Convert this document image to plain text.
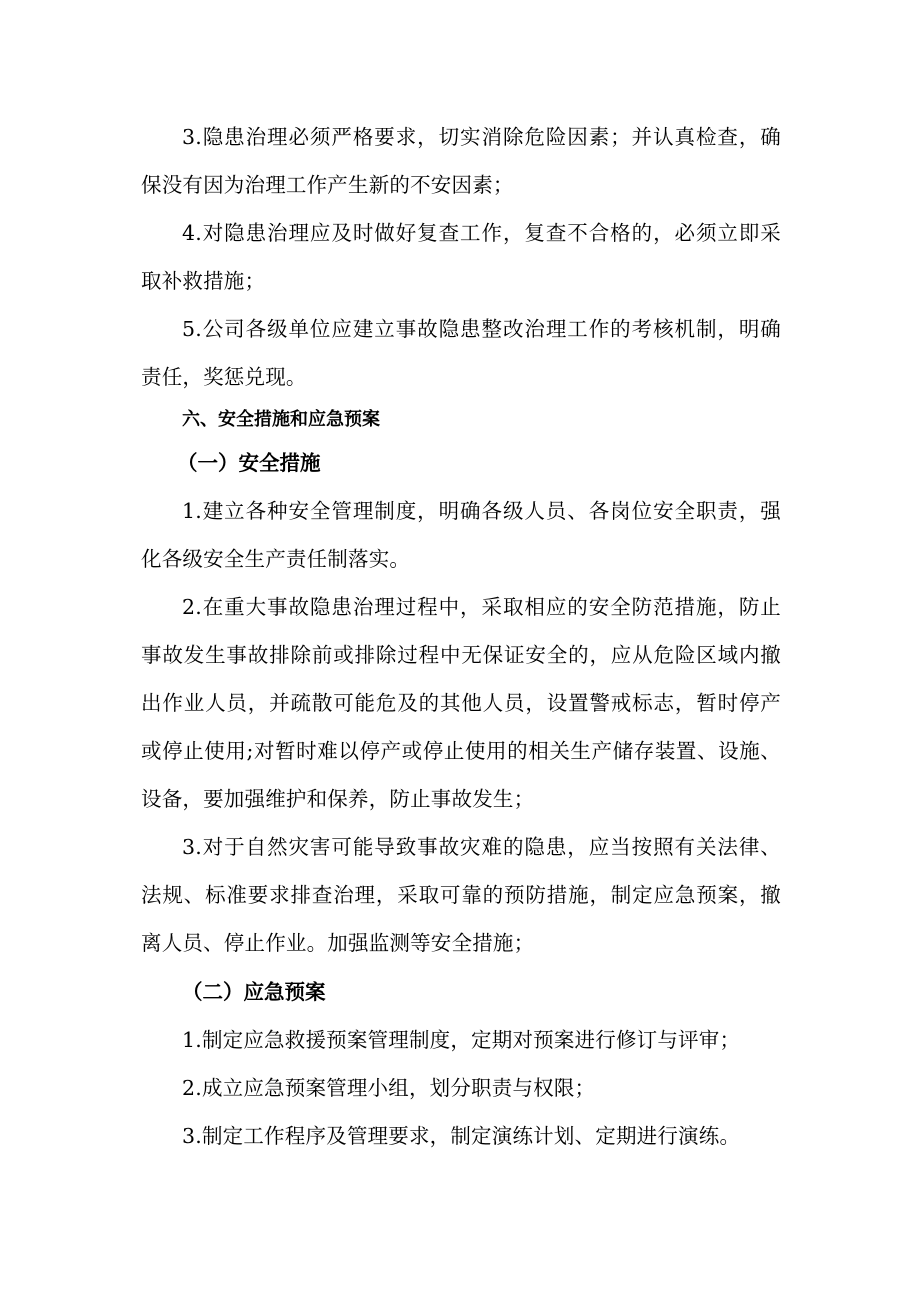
3.隐患治理必须严格要求，切实消除危险因素；并认真检查，确保没有因为治理工作产生新的不安因素；

4.对隐患治理应及时做好复查工作，复查不合格的，必须立即采取补救措施；

5.公司各级单位应建立事故隐患整改治理工作的考核机制，明确责任，奖惩兑现。

六、安全措施和应急预案
（一）安全措施

1.建立各种安全管理制度，明确各级人员、各岗位安全职责，强化各级安全生产责任制落实。

2.在重大事故隐患治理过程中，采取相应的安全防范措施，防止事故发生事故排除前或排除过程中无保证安全的，应从危险区域内撤出作业人员，并疏散可能危及的其他人员，设置警戒标志，暂时停产或停止使用;对暂时难以停产或停止使用的相关生产储存装置、设施、设备，要加强维护和保养，防止事故发生；

3.对于自然灾害可能导致事故灾难的隐患，应当按照有关法律、法规、标准要求排查治理，采取可靠的预防措施，制定应急预案，撤离人员、停止作业。加强监测等安全措施；

（二）应急预案

1.制定应急救援预案管理制度，定期对预案进行修订与评审；

2.成立应急预案管理小组，划分职责与权限；

3.制定工作程序及管理要求，制定演练计划、定期进行演练。
